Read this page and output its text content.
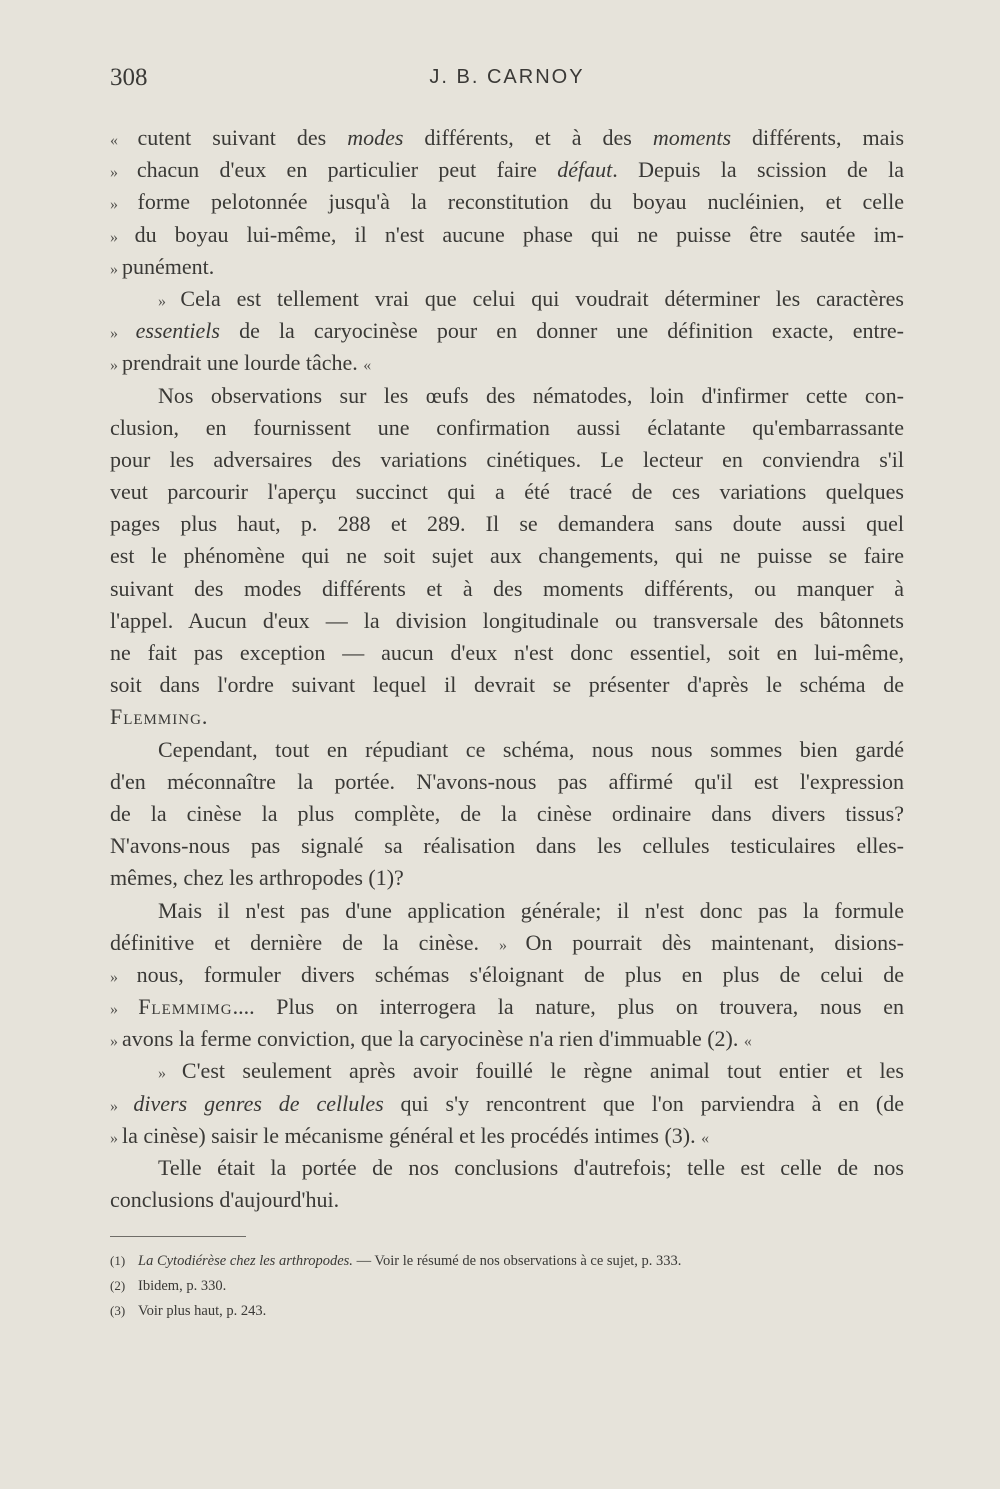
308	J. B. CARNOY
« cutent suivant des modes différents, et à des moments différents, mais
» chacun d'eux en particulier peut faire défaut. Depuis la scission de la
» forme pelotonnée jusqu'à la reconstitution du boyau nucléinien, et celle
» du boyau lui-même, il n'est aucune phase qui ne puisse être sautée im-
» punément.
» Cela est tellement vrai que celui qui voudrait déterminer les caractères
» essentiels de la caryocinèse pour en donner une définition exacte, entre-
» prendrait une lourde tâche. «
Nos observations sur les œufs des nématodes, loin d'infirmer cette con-
clusion, en fournissent une confirmation aussi éclatante qu'embarrassante
pour les adversaires des variations cinétiques. Le lecteur en conviendra s'il
veut parcourir l'aperçu succinct qui a été tracé de ces variations quelques
pages plus haut, p. 288 et 289. Il se demandera sans doute aussi quel
est le phénomène qui ne soit sujet aux changements, qui ne puisse se faire
suivant des modes différents et à des moments différents, ou manquer à
l'appel. Aucun d'eux — la division longitudinale ou transversale des bâtonnets
ne fait pas exception — aucun d'eux n'est donc essentiel, soit en lui-même,
soit dans l'ordre suivant lequel il devrait se présenter d'après le schéma de
Flemming.
Cependant, tout en répudiant ce schéma, nous nous sommes bien gardé
d'en méconnaître la portée. N'avons-nous pas affirmé qu'il est l'expression
de la cinèse la plus complète, de la cinèse ordinaire dans divers tissus?
N'avons-nous pas signalé sa réalisation dans les cellules testiculaires elles-
mêmes, chez les arthropodes (1)?
Mais il n'est pas d'une application générale; il n'est donc pas la formule
définitive et dernière de la cinèse. » On pourrait dès maintenant, disions-
» nous, formuler divers schémas s'éloignant de plus en plus de celui de
» Flemmimg.... Plus on interrogera la nature, plus on trouvera, nous en
» avons la ferme conviction, que la caryocinèse n'a rien d'immuable (2). «
» C'est seulement après avoir fouillé le règne animal tout entier et les
» divers genres de cellules qui s'y rencontrent que l'on parviendra à en (de
» la cinèse) saisir le mécanisme général et les procédés intimes (3). «
Telle était la portée de nos conclusions d'autrefois; telle est celle de nos
conclusions d'aujourd'hui.
(1) La Cytodiérèse chez les arthropodes. — Voir le résumé de nos observations à ce sujet, p. 333.
(2) Ibidem, p. 330.
(3) Voir plus haut, p. 243.
